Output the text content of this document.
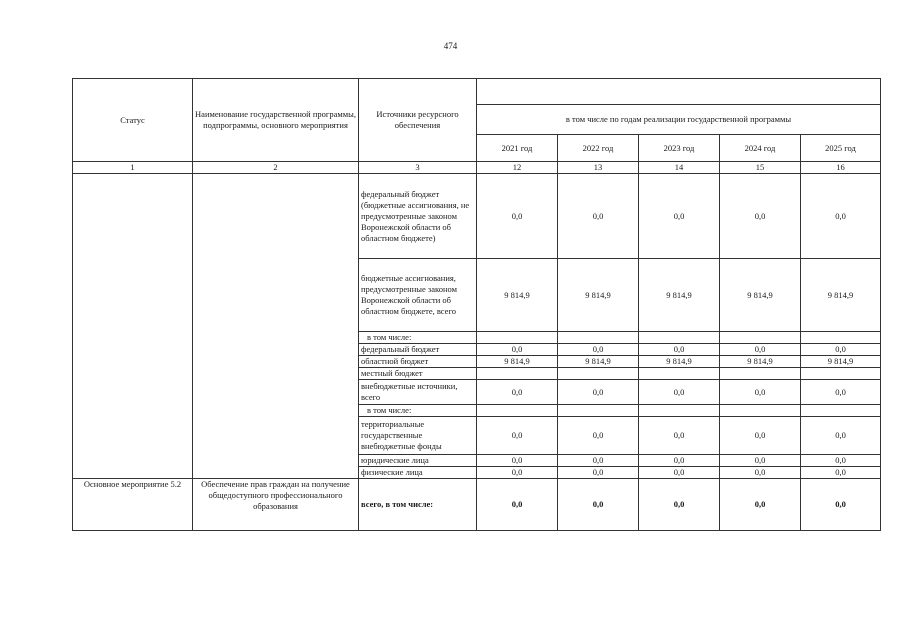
474
Статус	Наименование государственной программы, подпрограммы, основного мероприятия	Источники ресурсного обеспечения					
			в том числе по годам реализации государственной программы				
			2021 год	2022 год	2023 год	2024 год	2025 год
1	2	3	12	13	14	15	16
		федеральный бюджет (бюджетные ассигнования, не предусмотренные законом Воронежской области об областном бюджете)	0,0	0,0	0,0	0,0	0,0
		бюджетные ассигнования, предусмотренные законом Воронежской области об областном бюджете, всего	9 814,9	9 814,9	9 814,9	9 814,9	9 814,9
		в том числе:					
		федеральный бюджет	0,0	0,0	0,0	0,0	0,0
		областной бюджет	9 814,9	9 814,9	9 814,9	9 814,9	9 814,9
		местный бюджет					
		внебюджетные источники, всего	0,0	0,0	0,0	0,0	0,0
		в том числе:					
		территориальные государственные внебюджетные фонды	0,0	0,0	0,0	0,0	0,0
		юридические лица	0,0	0,0	0,0	0,0	0,0
		физические лица	0,0	0,0	0,0	0,0	0,0
Основное мероприятие 5.2	Обеспечение прав граждан на получение общедоступного профессионального образования	всего, в том числе:	0,0	0,0	0,0	0,0	0,0
